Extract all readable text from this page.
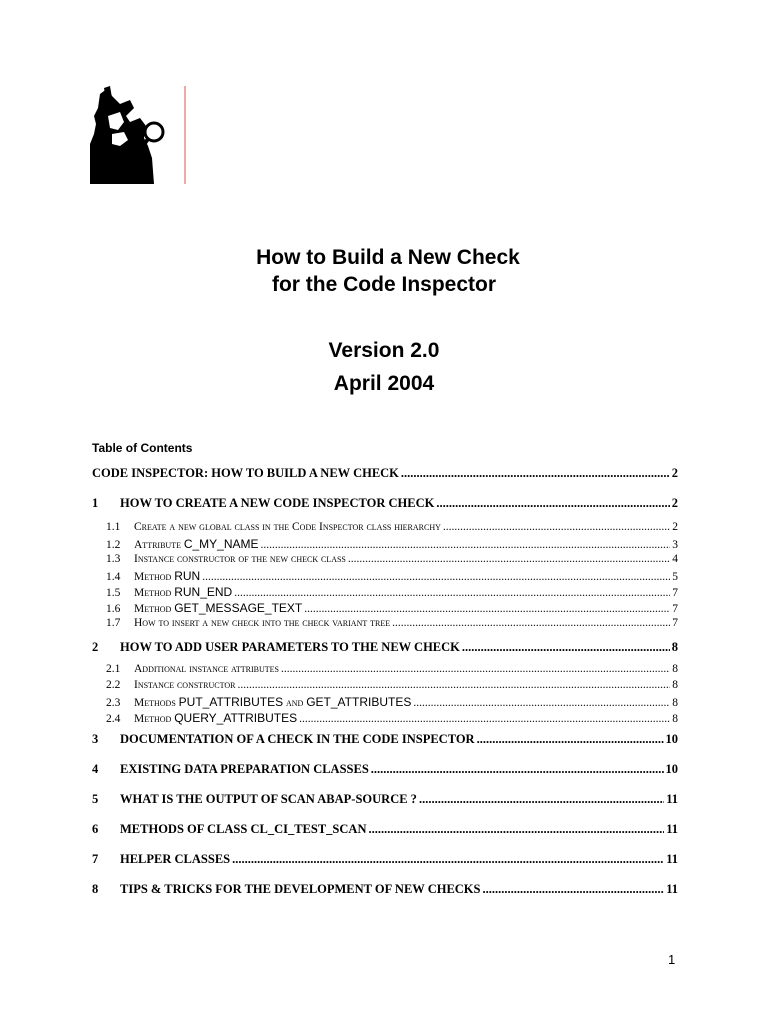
How to Build a New Check
for the Code Inspector
Version 2.0
April 2004
Table of Contents
CODE INSPECTOR: HOW TO BUILD A NEW CHECK .....	2
1	HOW TO CREATE A NEW CODE INSPECTOR CHECK .....	2
1.1	Create a new global class in the Code Inspector class hierarchy .....	2
1.2	Attribute C_MY_NAME .....	3
1.3	Instance constructor of the new check class .....	4
1.4	Method RUN .....	5
1.5	Method RUN_END .....	7
1.6	Method GET_MESSAGE_TEXT .....	7
1.7	How to insert a new check into the check variant tree .....	7
2	HOW TO ADD USER PARAMETERS TO THE NEW CHECK .....	8
2.1	Additional instance attributes .....	8
2.2	Instance constructor .....	8
2.3	Methods PUT_ATTRIBUTES and GET_ATTRIBUTES .....	8
2.4	Method QUERY_ATTRIBUTES .....	8
3	DOCUMENTATION OF A CHECK IN THE CODE INSPECTOR .....	10
4	EXISTING DATA PREPARATION CLASSES .....	10
5	WHAT IS THE OUTPUT OF SCAN ABAP-SOURCE ? .....	11
6	METHODS OF CLASS CL_CI_TEST_SCAN .....	11
7	HELPER CLASSES .....	11
8	TIPS & TRICKS FOR THE DEVELOPMENT OF NEW CHECKS .....	11
1
